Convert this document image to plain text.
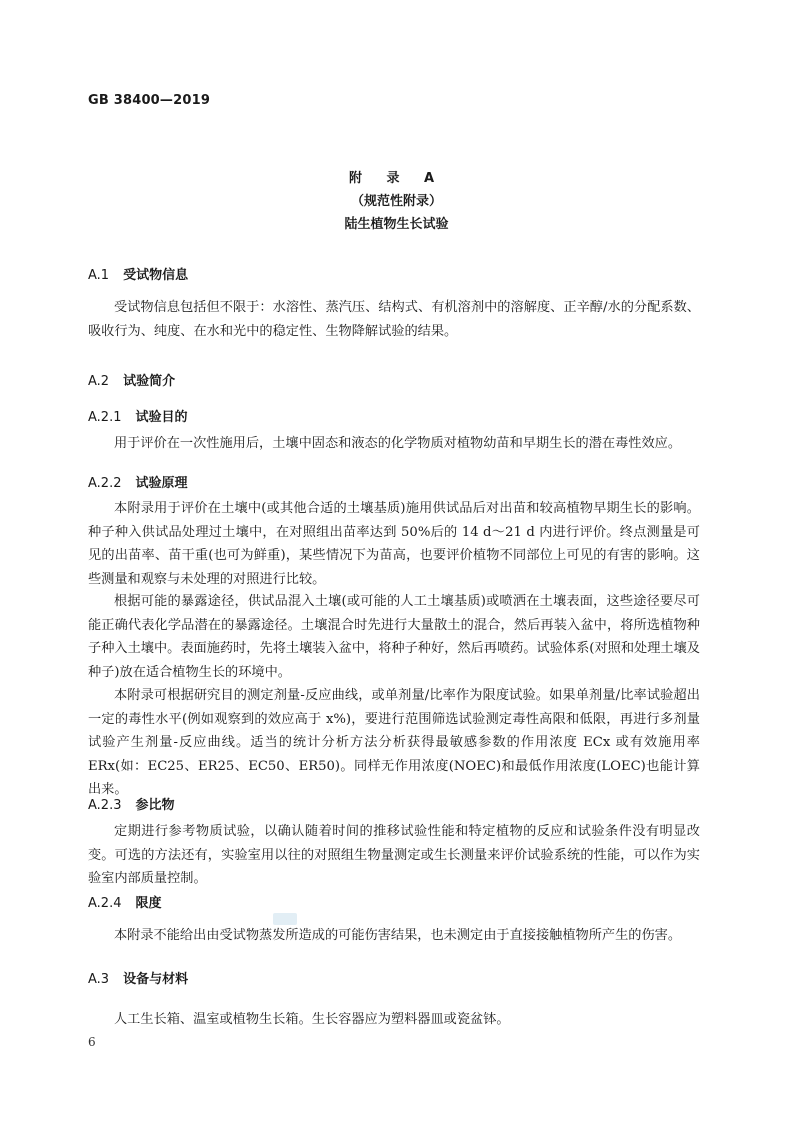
GB 38400—2019
附 录 A
（规范性附录）
陆生植物生长试验
A.1 受试物信息

受试物信息包括但不限于：水溶性、蒸汽压、结构式、有机溶剂中的溶解度、正辛醇/水的分配系数、吸收行为、纯度、在水和光中的稳定性、生物降解试验的结果。

A.2 试验简介
A.2.1 试验目的

用于评价在一次性施用后，土壤中固态和液态的化学物质对植物幼苗和早期生长的潜在毒性效应。

A.2.2 试验原理

本附录用于评价在土壤中(或其他合适的土壤基质)施用供试品后对出苗和较高植物早期生长的影响。种子种入供试品处理过土壤中，在对照组出苗率达到 50%后的 14 d～21 d 内进行评价。终点测量是可见的出苗率、苗干重(也可为鲜重)，某些情况下为苗高，也要评价植物不同部位上可见的有害的影响。这些测量和观察与未处理的对照进行比较。

根据可能的暴露途径，供试品混入土壤(或可能的人工土壤基质)或喷洒在土壤表面，这些途径要尽可能正确代表化学品潜在的暴露途径。土壤混合时先进行大量散土的混合，然后再装入盆中，将所选植物种子种入土壤中。表面施药时，先将土壤装入盆中，将种子种好，然后再喷药。试验体系(对照和处理土壤及种子)放在适合植物生长的环境中。

本附录可根据研究目的测定剂量-反应曲线，或单剂量/比率作为限度试验。如果单剂量/比率试验超出一定的毒性水平(例如观察到的效应高于 x%)，要进行范围筛选试验测定毒性高限和低限，再进行多剂量试验产生剂量-反应曲线。适当的统计分析方法分析获得最敏感参数的作用浓度 ECx 或有效施用率 ERx(如：EC25、ER25、EC50、ER50)。同样无作用浓度(NOEC)和最低作用浓度(LOEC)也能计算出来。

A.2.3 参比物

定期进行参考物质试验，以确认随着时间的推移试验性能和特定植物的反应和试验条件没有明显改变。可选的方法还有，实验室用以往的对照组生物量测定或生长测量来评价试验系统的性能，可以作为实验室内部质量控制。

A.2.4 限度

本附录不能给出由受试物蒸发所造成的可能伤害结果，也未测定由于直接接触植物所产生的伤害。

A.3 设备与材料

人工生长箱、温室或植物生长箱。生长容器应为塑料器皿或瓷盆钵。

6
